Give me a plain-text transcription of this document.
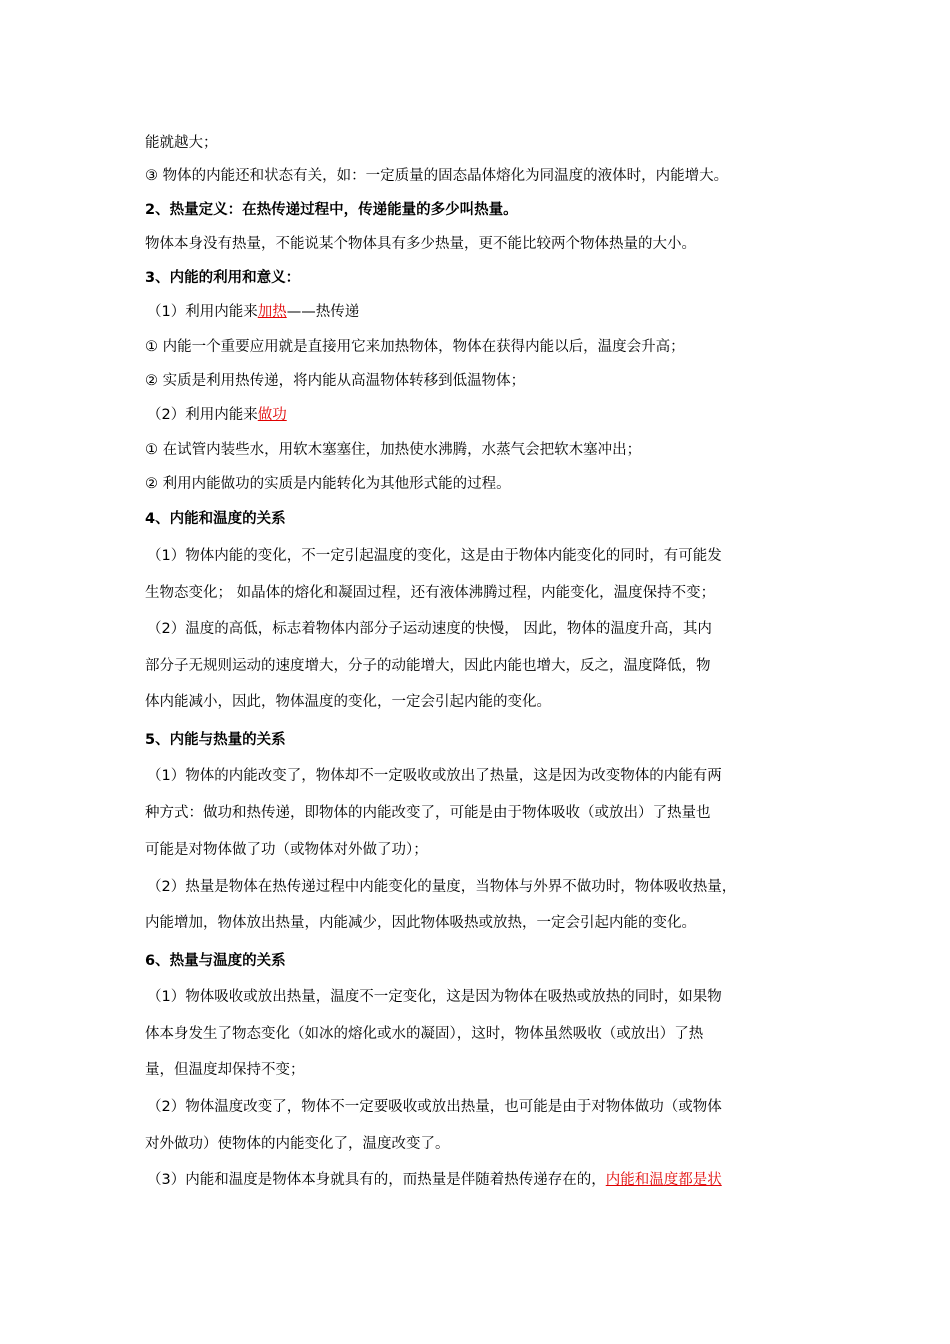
能就越大；
③ 物体的内能还和状态有关，如：一定质量的固态晶体熔化为同温度的液体时，内能增大。
2、热量定义：在热传递过程中，传递能量的多少叫热量。
物体本身没有热量，不能说某个物体具有多少热量，更不能比较两个物体热量的大小。
3、内能的利用和意义：
（1）利用内能来加热——热传递
① 内能一个重要应用就是直接用它来加热物体，物体在获得内能以后，温度会升高；
② 实质是利用热传递，将内能从高温物体转移到低温物体；
（2）利用内能来做功
① 在试管内装些水，用软木塞塞住，加热使水沸腾，水蒸气会把软木塞冲出；
② 利用内能做功的实质是内能转化为其他形式能的过程。
4、内能和温度的关系
（1）物体内能的变化，不一定引起温度的变化，这是由于物体内能变化的同时，有可能发
生物态变化； 如晶体的熔化和凝固过程，还有液体沸腾过程，内能变化，温度保持不变；
（2）温度的高低，标志着物体内部分子运动速度的快慢， 因此，物体的温度升高，其内
部分子无规则运动的速度增大，分子的动能增大，因此内能也增大，反之，温度降低，物
体内能减小，因此，物体温度的变化，一定会引起内能的变化。
5、内能与热量的关系
（1）物体的内能改变了，物体却不一定吸收或放出了热量，这是因为改变物体的内能有两
种方式：做功和热传递，即物体的内能改变了，可能是由于物体吸收（或放出）了热量也
可能是对物体做了功（或物体对外做了功）；
（2）热量是物体在热传递过程中内能变化的量度，当物体与外界不做功时，物体吸收热量，
内能增加，物体放出热量，内能减少，因此物体吸热或放热，一定会引起内能的变化。
6、热量与温度的关系
（1）物体吸收或放出热量，温度不一定变化，这是因为物体在吸热或放热的同时，如果物
体本身发生了物态变化（如冰的熔化或水的凝固），这时，物体虽然吸收（或放出）了热
量，但温度却保持不变；
（2）物体温度改变了，物体不一定要吸收或放出热量，也可能是由于对物体做功（或物体
对外做功）使物体的内能变化了，温度改变了。
（3）内能和温度是物体本身就具有的，而热量是伴随着热传递存在的，内能和温度都是状
